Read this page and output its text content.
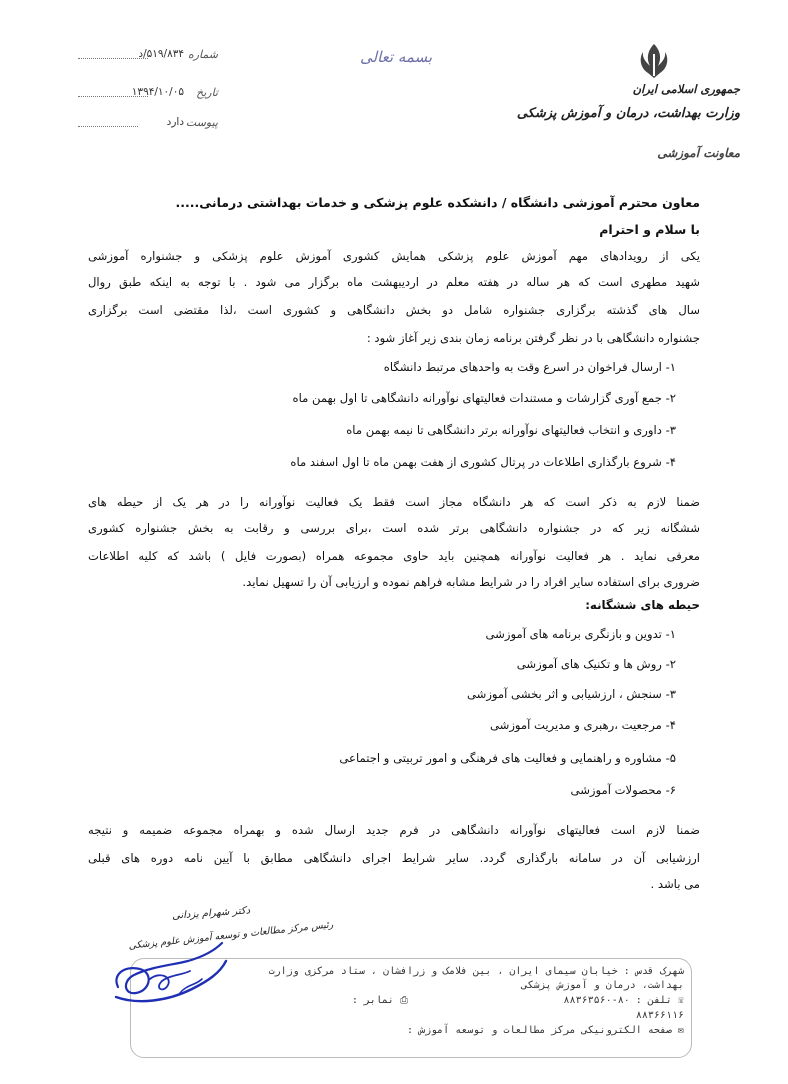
جمهوری اسلامی ایران
وزارت بهداشت، درمان و آموزش پزشکی
معاونت آموزشی
بسمه تعالی
شماره
۵۱۹/۸۳۴/د
تاریخ
۱۳۹۴/۱۰/۰۵
پیوست
دارد
معاون محترم آموزشی دانشگاه / دانشکده علوم پزشکی و خدمات بهداشتی درمانی.....
با سلام و احترام
یکی از رویدادهای مهم آموزش علوم پزشکی همایش کشوری آموزش علوم پزشکی و جشنواره آموزشی
شهید مطهری است که هر ساله در هفته معلم در اردیبهشت ماه برگزار می شود . با توجه به اینکه طبق روال
سال های گذشته برگزاری جشنواره شامل دو بخش دانشگاهی و کشوری است ،لذا مقتضی است برگزاری
جشنواره دانشگاهی با در نظر گرفتن برنامه زمان بندی زیر آغاز شود :
۱- ارسال فراخوان در اسرع وقت به واحدهای مرتبط دانشگاه
۲- جمع آوری گزارشات و مستندات فعالیتهای نوآورانه دانشگاهی تا اول بهمن ماه
۳- داوری و انتخاب فعالیتهای نوآورانه برتر دانشگاهی تا نیمه بهمن ماه
۴- شروع بارگذاری اطلاعات در پرتال کشوری از هفت بهمن ماه تا اول اسفند ماه
ضمنا لازم به ذکر است که هر دانشگاه مجاز است فقط یک فعالیت نوآورانه را در هر یک از حیطه های
ششگانه زیر که در جشنواره دانشگاهی برتر شده است ،برای بررسی و رقابت به بخش جشنواره کشوری
معرفی نماید . هر فعالیت نوآورانه همچنین باید حاوی مجموعه همراه (بصورت فایل ) باشد که کلیه اطلاعات
ضروری برای استفاده سایر افراد را در شرایط مشابه فراهم نموده و ارزیابی آن را تسهیل نماید.
حیطه های ششگانه:
۱- تدوین و بازنگری برنامه های آموزشی
۲- روش ها و تکنیک های آموزشی
۳- سنجش ، ارزشیابی و اثر بخشی آموزشی
۴- مرجعیت ،رهبری و مدیریت آموزشی
۵- مشاوره و راهنمایی و فعالیت های فرهنگی و امور تربیتی و اجتماعی
۶- محصولات آموزشی
ضمنا لازم است فعالیتهای نوآورانه دانشگاهی در فرم جدید ارسال شده و بهمراه مجموعه ضمیمه و نتیجه
ارزشیابی آن در سامانه بارگذاری گردد. سایر شرایط اجرای دانشگاهی مطابق با آیین نامه دوره های قبلی
می باشد .
دکتر شهرام یزدانی
رئیس مرکز مطالعات و توسعه آموزش علوم پزشکی
شهرک قدس : خیابان سیمای ایران ، بین فلامک و زرافشان ، ستاد مرکزی وزارت
بهداشت، درمان و آموزش پزشکی
☏ تلفن : ۸۰-۸۸۳۶۳۵۶۰
⎙ نمابر :
۸۸۳۶۶۱۱۶
✉ صفحه الکترونیکی مرکز مطالعات و توسعه آموزش :
